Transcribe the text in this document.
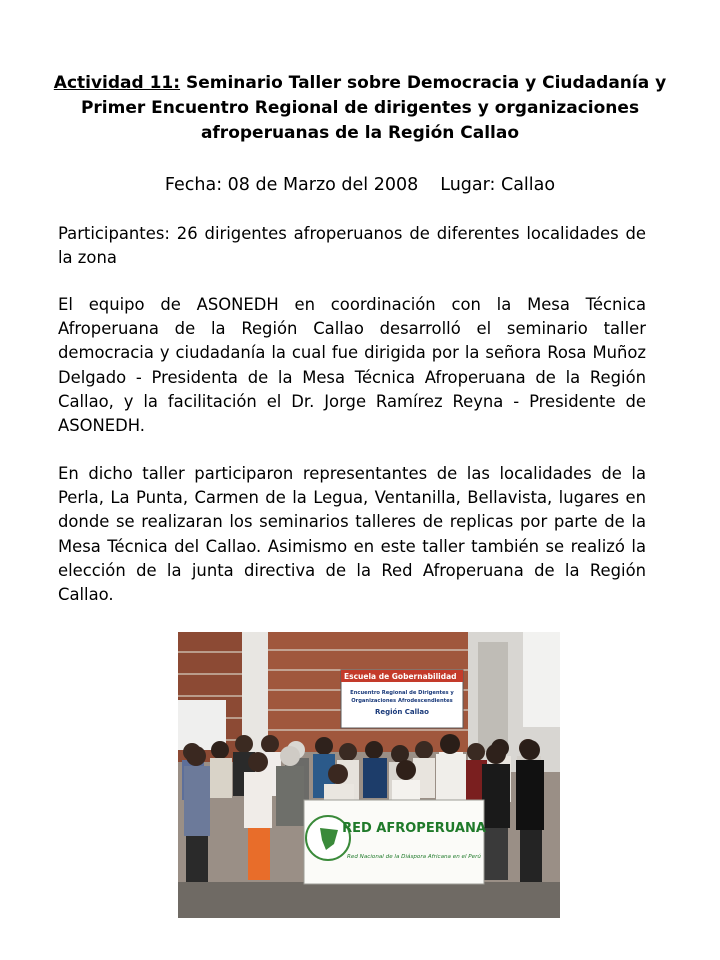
Actividad 11: Seminario Taller sobre Democracia y Ciudadanía y Primer Encuentro Regional de dirigentes y organizaciones afroperuanas de la Región Callao
Fecha: 08 de Marzo del 2008 Lugar: Callao

Participantes: 26 dirigentes afroperuanos de diferentes localidades de la zona

El equipo de ASONEDH en coordinación con la Mesa Técnica Afroperuana de la Región Callao desarrolló el seminario taller democracia y ciudadanía la cual fue dirigida por la señora Rosa Muñoz Delgado - Presidenta de la Mesa Técnica Afroperuana de la Región Callao, y la facilitación el Dr. Jorge Ramírez Reyna - Presidente de ASONEDH.

En dicho taller participaron representantes de las localidades de la Perla, La Punta, Carmen de la Legua, Ventanilla, Bellavista, lugares en donde se realizaran los seminarios talleres de replicas por parte de la Mesa Técnica del Callao. Asimismo en este taller también se realizó la elección de la junta directiva de la Red Afroperuana de la Región Callao.

Escuela de Gobernabilidad
Encuentro Regional de Dirigentes y
Organizaciones Afrodescendientes
Región Callao
RED AFROPERUANA
Red Nacional de la Diáspora Africana en el Perú
